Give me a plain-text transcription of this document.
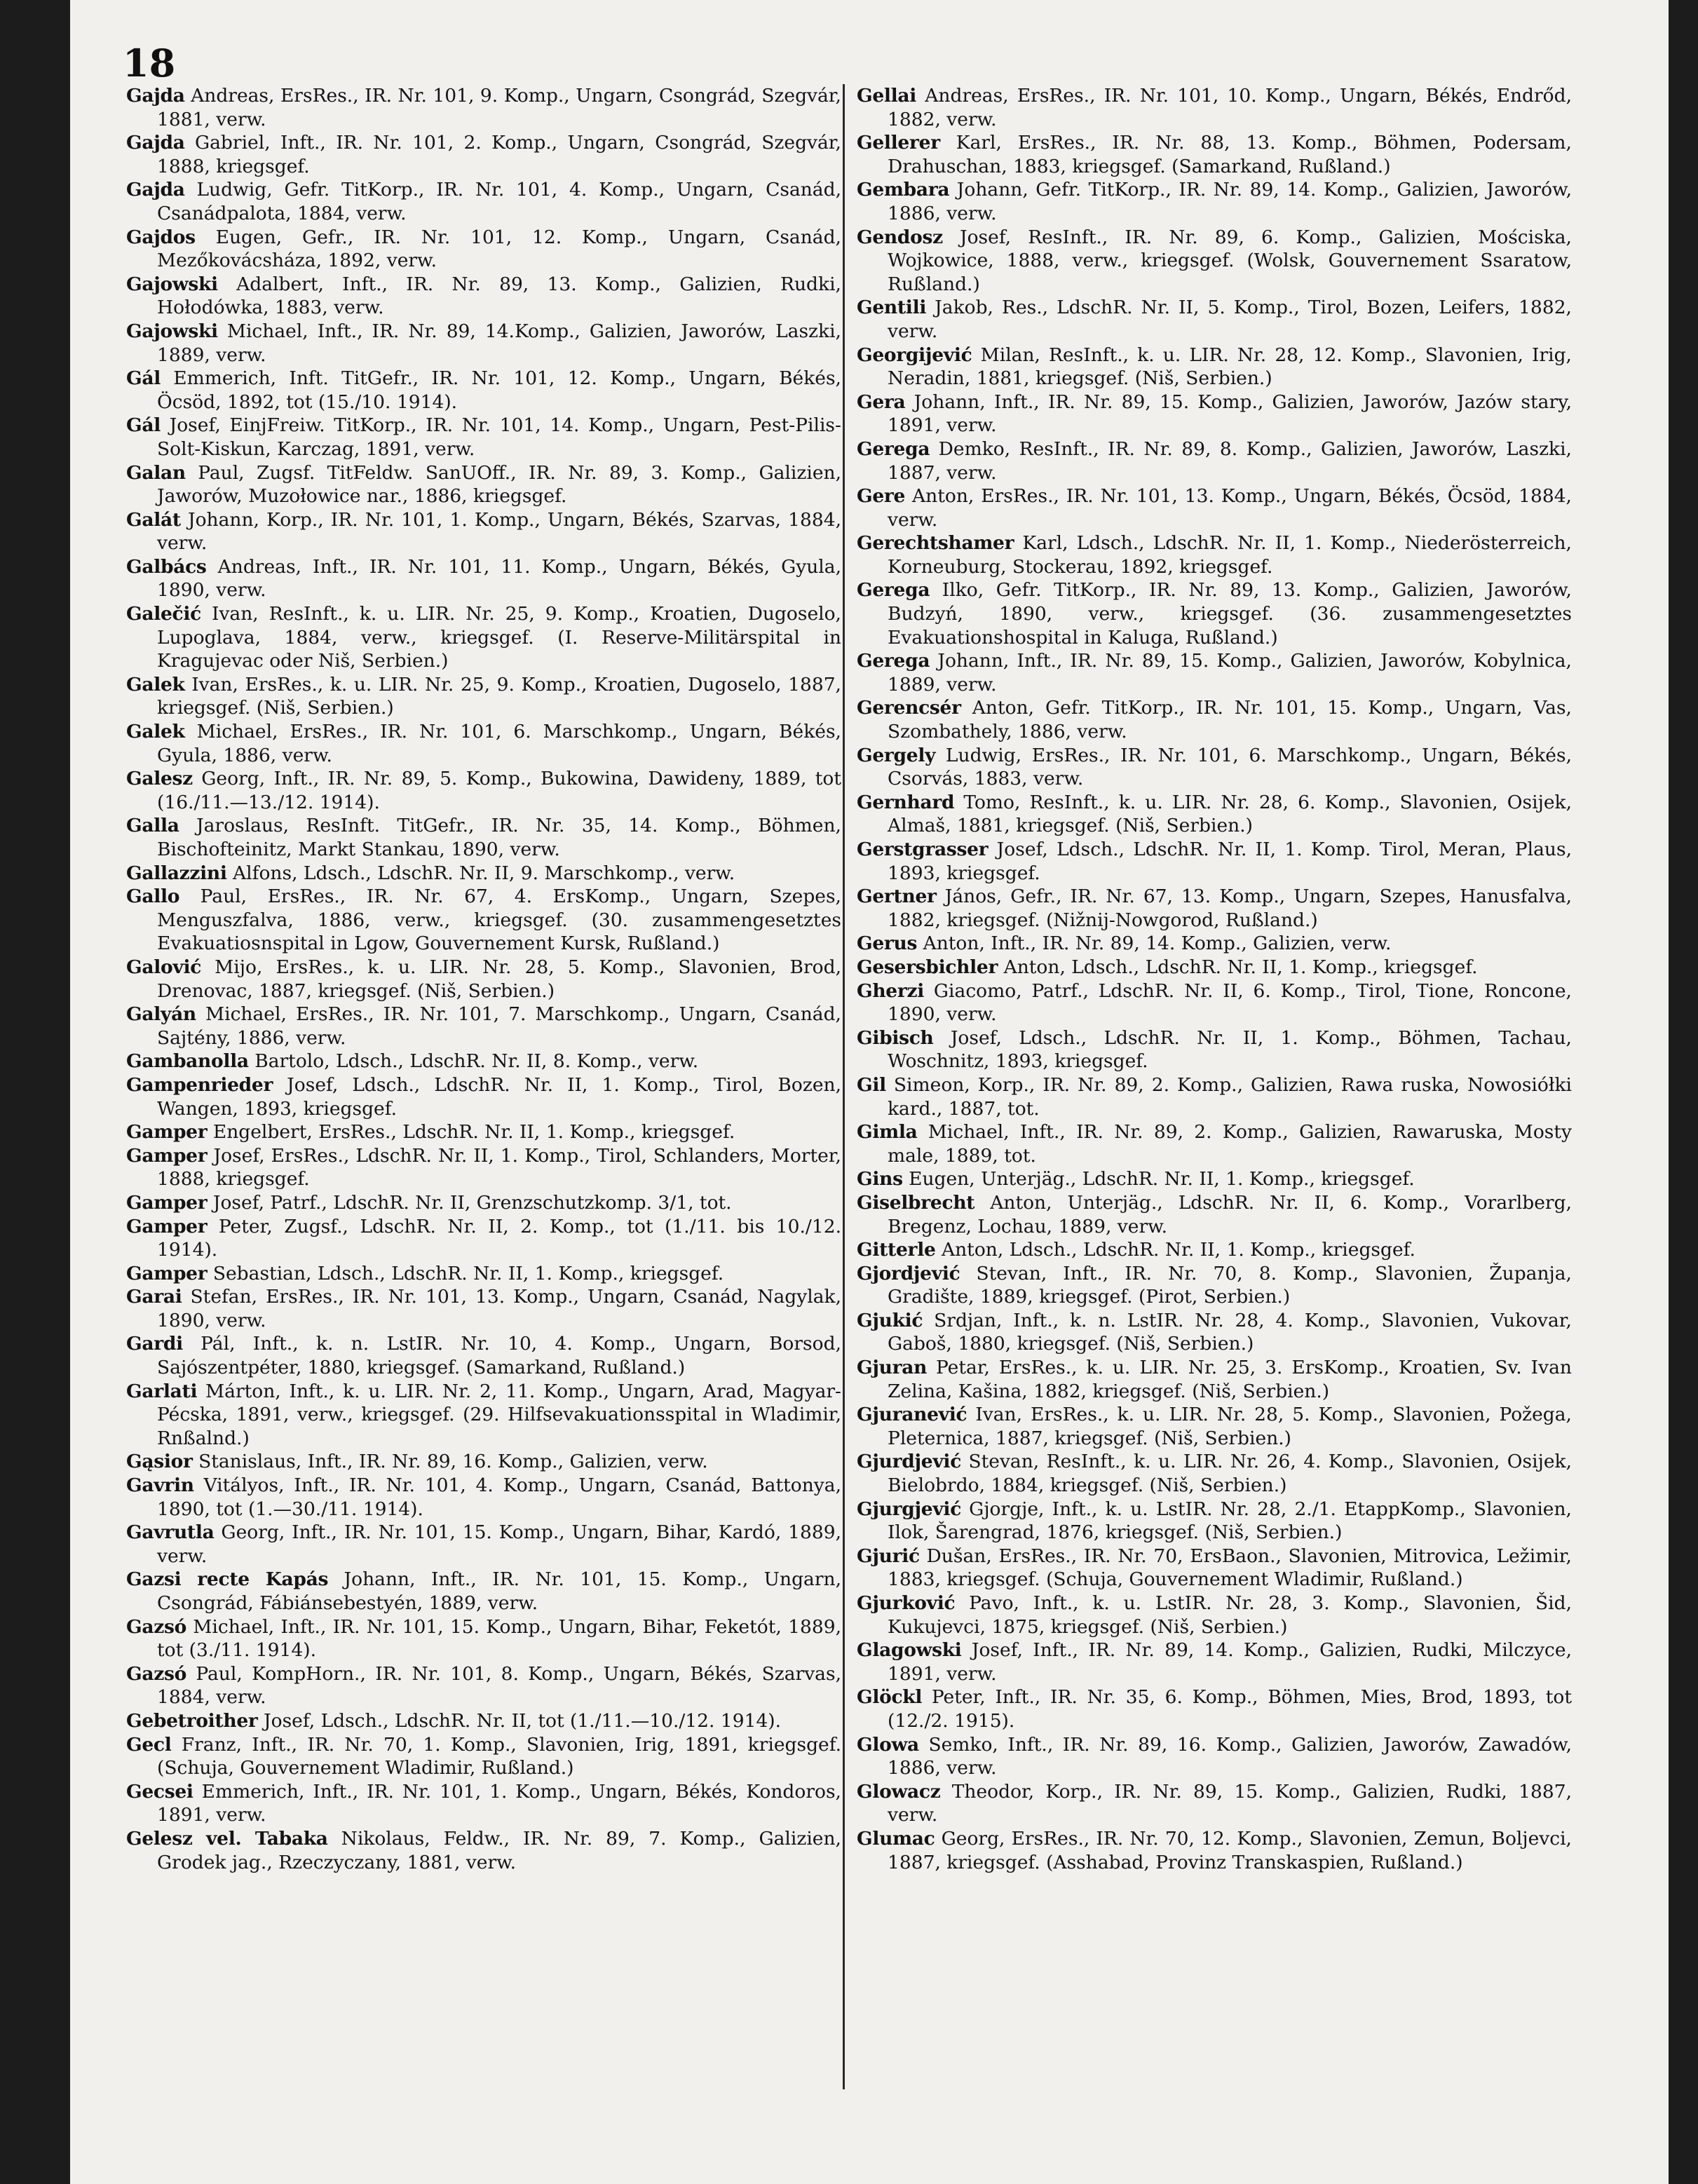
18

Gajda Andreas, ErsRes., IR. Nr. 101, 9. Komp., Ungarn, Csongrád, Szegvár, 1881, verw.

Gajda Gabriel, Inft., IR. Nr. 101, 2. Komp., Ungarn, Csongrád, Szegvár, 1888, kriegsgef.

Gajda Ludwig, Gefr. TitKorp., IR. Nr. 101, 4. Komp., Ungarn, Csanád, Csanádpalota, 1884, verw.

Gajdos Eugen, Gefr., IR. Nr. 101, 12. Komp., Ungarn, Csanád, Mezőkovácsháza, 1892, verw.

Gajowski Adalbert, Inft., IR. Nr. 89, 13. Komp., Galizien, Rudki, Hołodówka, 1883, verw.

Gajowski Michael, Inft., IR. Nr. 89, 14.Komp., Galizien, Jaworów, Laszki, 1889, verw.

Gál Emmerich, Inft. TitGefr., IR. Nr. 101, 12. Komp., Ungarn, Békés, Öcsöd, 1892, tot (15./10. 1914).

Gál Josef, EinjFreiw. TitKorp., IR. Nr. 101, 14. Komp., Ungarn, Pest-Pilis-Solt-Kiskun, Karczag, 1891, verw.

Galan Paul, Zugsf. TitFeldw. SanUOff., IR. Nr. 89, 3. Komp., Galizien, Jaworów, Muzołowice nar., 1886, kriegsgef.

Galát Johann, Korp., IR. Nr. 101, 1. Komp., Ungarn, Békés, Szarvas, 1884, verw.

Galbács Andreas, Inft., IR. Nr. 101, 11. Komp., Ungarn, Békés, Gyula, 1890, verw.

Galečić Ivan, ResInft., k. u. LIR. Nr. 25, 9. Komp., Kroatien, Dugoselo, Lupoglava, 1884, verw., kriegsgef. (I. Reserve-Militärspital in Kragujevac oder Niš, Serbien.)

Galek Ivan, ErsRes., k. u. LIR. Nr. 25, 9. Komp., Kroatien, Dugoselo, 1887, kriegsgef. (Niš, Serbien.)

Galek Michael, ErsRes., IR. Nr. 101, 6. Marschkomp., Ungarn, Békés, Gyula, 1886, verw.

Galesz Georg, Inft., IR. Nr. 89, 5. Komp., Bukowina, Dawideny, 1889, tot (16./11.—13./12. 1914).

Galla Jaroslaus, ResInft. TitGefr., IR. Nr. 35, 14. Komp., Böhmen, Bischofteinitz, Markt Stankau, 1890, verw.

Gallazzini Alfons, Ldsch., LdschR. Nr. II, 9. Marschkomp., verw.

Gallo Paul, ErsRes., IR. Nr. 67, 4. ErsKomp., Ungarn, Szepes, Menguszfalva, 1886, verw., kriegsgef. (30. zusammengesetztes Evakuatiosnspital in Lgow, Gouvernement Kursk, Rußland.)

Galović Mijo, ErsRes., k. u. LIR. Nr. 28, 5. Komp., Slavonien, Brod, Drenovac, 1887, kriegsgef. (Niš, Serbien.)

Galyán Michael, ErsRes., IR. Nr. 101, 7. Marschkomp., Ungarn, Csanád, Sajtény, 1886, verw.

Gambanolla Bartolo, Ldsch., LdschR. Nr. II, 8. Komp., verw.

Gampenrieder Josef, Ldsch., LdschR. Nr. II, 1. Komp., Tirol, Bozen, Wangen, 1893, kriegsgef.

Gamper Engelbert, ErsRes., LdschR. Nr. II, 1. Komp., kriegsgef.

Gamper Josef, ErsRes., LdschR. Nr. II, 1. Komp., Tirol, Schlanders, Morter, 1888, kriegsgef.

Gamper Josef, Patrf., LdschR. Nr. II, Grenzschutzkomp. 3/1, tot.

Gamper Peter, Zugsf., LdschR. Nr. II, 2. Komp., tot (1./11. bis 10./12. 1914).

Gamper Sebastian, Ldsch., LdschR. Nr. II, 1. Komp., kriegsgef.

Garai Stefan, ErsRes., IR. Nr. 101, 13. Komp., Ungarn, Csanád, Nagylak, 1890, verw.

Gardi Pál, Inft., k. n. LstIR. Nr. 10, 4. Komp., Ungarn, Borsod, Sajószentpéter, 1880, kriegsgef. (Samarkand, Rußland.)

Garlati Márton, Inft., k. u. LIR. Nr. 2, 11. Komp., Ungarn, Arad, Magyar-Pécska, 1891, verw., kriegsgef. (29. Hilfsevakuationsspital in Wladimir, Rnßalnd.)

Gąsior Stanislaus, Inft., IR. Nr. 89, 16. Komp., Galizien, verw.

Gavrin Vitályos, Inft., IR. Nr. 101, 4. Komp., Ungarn, Csanád, Battonya, 1890, tot (1.—30./11. 1914).

Gavrutla Georg, Inft., IR. Nr. 101, 15. Komp., Ungarn, Bihar, Kardó, 1889, verw.

Gazsi recte Kapás Johann, Inft., IR. Nr. 101, 15. Komp., Ungarn, Csongrád, Fábiánsebestyén, 1889, verw.

Gazsó Michael, Inft., IR. Nr. 101, 15. Komp., Ungarn, Bihar, Feketót, 1889, tot (3./11. 1914).

Gazsó Paul, KompHorn., IR. Nr. 101, 8. Komp., Ungarn, Békés, Szarvas, 1884, verw.

Gebetroither Josef, Ldsch., LdschR. Nr. II, tot (1./11.—10./12. 1914).

Gecl Franz, Inft., IR. Nr. 70, 1. Komp., Slavonien, Irig, 1891, kriegsgef. (Schuja, Gouvernement Wladimir, Rußland.)

Gecsei Emmerich, Inft., IR. Nr. 101, 1. Komp., Ungarn, Békés, Kondoros, 1891, verw.

Gelesz vel. Tabaka Nikolaus, Feldw., IR. Nr. 89, 7. Komp., Galizien, Grodek jag., Rzeczyczany, 1881, verw.

Gellai Andreas, ErsRes., IR. Nr. 101, 10. Komp., Ungarn, Békés, Endrőd, 1882, verw.

Gellerer Karl, ErsRes., IR. Nr. 88, 13. Komp., Böhmen, Podersam, Drahuschan, 1883, kriegsgef. (Samarkand, Rußland.)

Gembara Johann, Gefr. TitKorp., IR. Nr. 89, 14. Komp., Galizien, Jaworów, 1886, verw.

Gendosz Josef, ResInft., IR. Nr. 89, 6. Komp., Galizien, Mościska, Wojkowice, 1888, verw., kriegsgef. (Wolsk, Gouvernement Ssaratow, Rußland.)

Gentili Jakob, Res., LdschR. Nr. II, 5. Komp., Tirol, Bozen, Leifers, 1882, verw.

Georgijević Milan, ResInft., k. u. LIR. Nr. 28, 12. Komp., Slavonien, Irig, Neradin, 1881, kriegsgef. (Niš, Serbien.)

Gera Johann, Inft., IR. Nr. 89, 15. Komp., Galizien, Jaworów, Jazów stary, 1891, verw.

Gerega Demko, ResInft., IR. Nr. 89, 8. Komp., Galizien, Jaworów, Laszki, 1887, verw.

Gere Anton, ErsRes., IR. Nr. 101, 13. Komp., Ungarn, Békés, Öcsöd, 1884, verw.

Gerechtshamer Karl, Ldsch., LdschR. Nr. II, 1. Komp., Niederösterreich, Korneuburg, Stockerau, 1892, kriegsgef.

Gerega Ilko, Gefr. TitKorp., IR. Nr. 89, 13. Komp., Galizien, Jaworów, Budzyń, 1890, verw., kriegsgef. (36. zusammengesetztes Evakuationshospital in Kaluga, Rußland.)

Gerega Johann, Inft., IR. Nr. 89, 15. Komp., Galizien, Jaworów, Kobylnica, 1889, verw.

Gerencsér Anton, Gefr. TitKorp., IR. Nr. 101, 15. Komp., Ungarn, Vas, Szombathely, 1886, verw.

Gergely Ludwig, ErsRes., IR. Nr. 101, 6. Marschkomp., Ungarn, Békés, Csorvás, 1883, verw.

Gernhard Tomo, ResInft., k. u. LIR. Nr. 28, 6. Komp., Slavonien, Osijek, Almaš, 1881, kriegsgef. (Niš, Serbien.)

Gerstgrasser Josef, Ldsch., LdschR. Nr. II, 1. Komp. Tirol, Meran, Plaus, 1893, kriegsgef.

Gertner János, Gefr., IR. Nr. 67, 13. Komp., Ungarn, Szepes, Hanusfalva, 1882, kriegsgef. (Nižnij-Nowgorod, Rußland.)

Gerus Anton, Inft., IR. Nr. 89, 14. Komp., Galizien, verw.

Gesersbichler Anton, Ldsch., LdschR. Nr. II, 1. Komp., kriegsgef.

Gherzi Giacomo, Patrf., LdschR. Nr. II, 6. Komp., Tirol, Tione, Roncone, 1890, verw.

Gibisch Josef, Ldsch., LdschR. Nr. II, 1. Komp., Böhmen, Tachau, Woschnitz, 1893, kriegsgef.

Gil Simeon, Korp., IR. Nr. 89, 2. Komp., Galizien, Rawa ruska, Nowosiółki kard., 1887, tot.

Gimla Michael, Inft., IR. Nr. 89, 2. Komp., Galizien, Rawaruska, Mosty male, 1889, tot.

Gins Eugen, Unterjäg., LdschR. Nr. II, 1. Komp., kriegsgef.

Giselbrecht Anton, Unterjäg., LdschR. Nr. II, 6. Komp., Vorarlberg, Bregenz, Lochau, 1889, verw.

Gitterle Anton, Ldsch., LdschR. Nr. II, 1. Komp., kriegsgef.

Gjordjević Stevan, Inft., IR. Nr. 70, 8. Komp., Slavonien, Županja, Gradište, 1889, kriegsgef. (Pirot, Serbien.)

Gjukić Srdjan, Inft., k. n. LstIR. Nr. 28, 4. Komp., Slavonien, Vukovar, Gaboš, 1880, kriegsgef. (Niš, Serbien.)

Gjuran Petar, ErsRes., k. u. LIR. Nr. 25, 3. ErsKomp., Kroatien, Sv. Ivan Zelina, Kašina, 1882, kriegsgef. (Niš, Serbien.)

Gjuranević Ivan, ErsRes., k. u. LIR. Nr. 28, 5. Komp., Slavonien, Požega, Pleternica, 1887, kriegsgef. (Niš, Serbien.)

Gjurdjević Stevan, ResInft., k. u. LIR. Nr. 26, 4. Komp., Slavonien, Osijek, Bielobrdo, 1884, kriegsgef. (Niš, Serbien.)

Gjurgjević Gjorgje, Inft., k. u. LstIR. Nr. 28, 2./1. EtappKomp., Slavonien, Ilok, Šarengrad, 1876, kriegsgef. (Niš, Serbien.)

Gjurić Dušan, ErsRes., IR. Nr. 70, ErsBaon., Slavonien, Mitrovica, Ležimir, 1883, kriegsgef. (Schuja, Gouvernement Wladimir, Rußland.)

Gjurković Pavo, Inft., k. u. LstIR. Nr. 28, 3. Komp., Slavonien, Šid, Kukujevci, 1875, kriegsgef. (Niš, Serbien.)

Glagowski Josef, Inft., IR. Nr. 89, 14. Komp., Galizien, Rudki, Milczyce, 1891, verw.

Glöckl Peter, Inft., IR. Nr. 35, 6. Komp., Böhmen, Mies, Brod, 1893, tot (12./2. 1915).

Glowa Semko, Inft., IR. Nr. 89, 16. Komp., Galizien, Jaworów, Zawadów, 1886, verw.

Glowacz Theodor, Korp., IR. Nr. 89, 15. Komp., Galizien, Rudki, 1887, verw.

Glumac Georg, ErsRes., IR. Nr. 70, 12. Komp., Slavonien, Zemun, Boljevci, 1887, kriegsgef. (Asshabad, Provinz Transkaspien, Rußland.)
